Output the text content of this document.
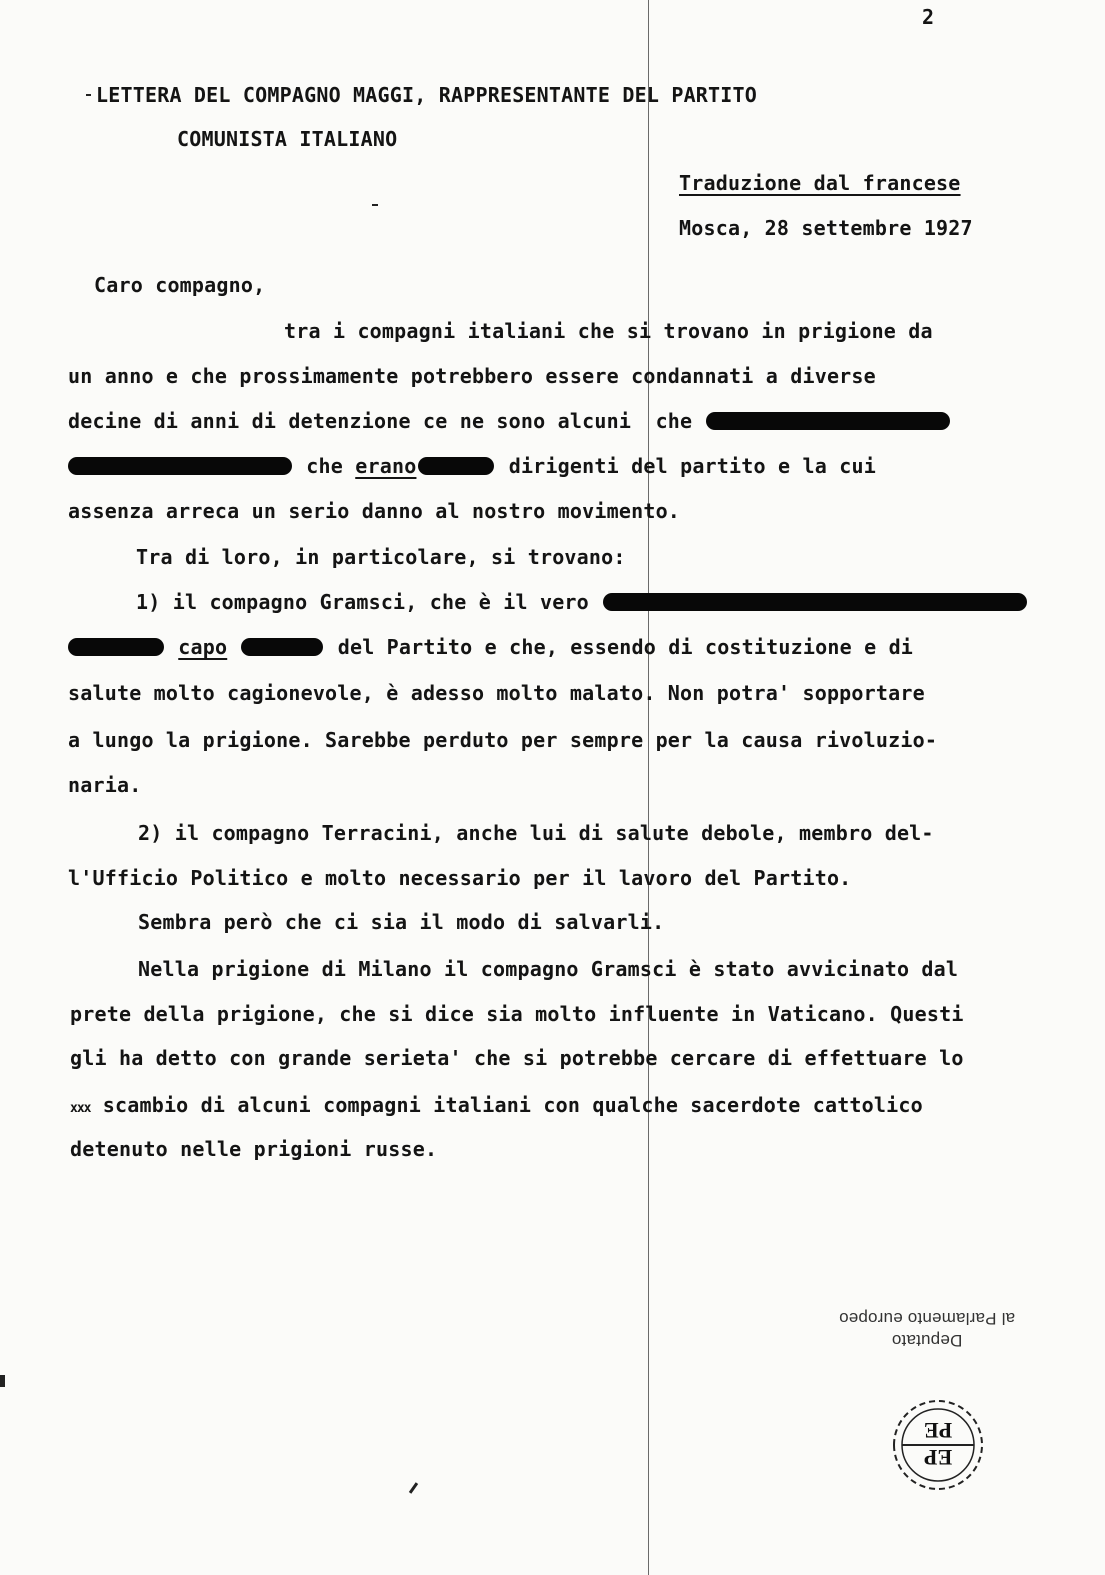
2
LETTERA DEL COMPAGNO MAGGI, RAPPRESENTANTE DEL PARTITO
COMUNISTA ITALIANO
Traduzione dal francese
Mosca, 28 settembre 1927
Caro compagno,
tra i compagni italiani che si trovano in prigione da
un anno e che prossimamente potrebbero essere condannati a diverse
decine di anni di detenzione ce ne sono alcuni  che
che erano	dirigenti del partito e la cui
assenza arreca un serio danno al nostro movimento.
Tra di loro, in particolare, si trovano:
1) il compagno Gramsci, che è il vero
capo	del Partito e che, essendo di costituzione e di
salute molto cagionevole, è adesso molto malato. Non potra' sopportare
a lungo la prigione. Sarebbe perduto per sempre per la causa rivoluzio-
naria.
2) il compagno Terracini, anche lui di salute debole, membro del-
l'Ufficio Politico e molto necessario per il lavoro del Partito.
Sembra però che ci sia il modo di salvarli.
Nella prigione di Milano il compagno Gramsci è stato avvicinato dal
prete della prigione, che si dice sia molto influente in Vaticano. Questi
gli ha detto con grande serieta' che si potrebbe cercare di effettuare lo
xxx scambio di alcuni compagni italiani con qualche sacerdote cattolico
detenuto nelle prigioni russe.
Deputato
al Parlamento europeo
EP
PE
